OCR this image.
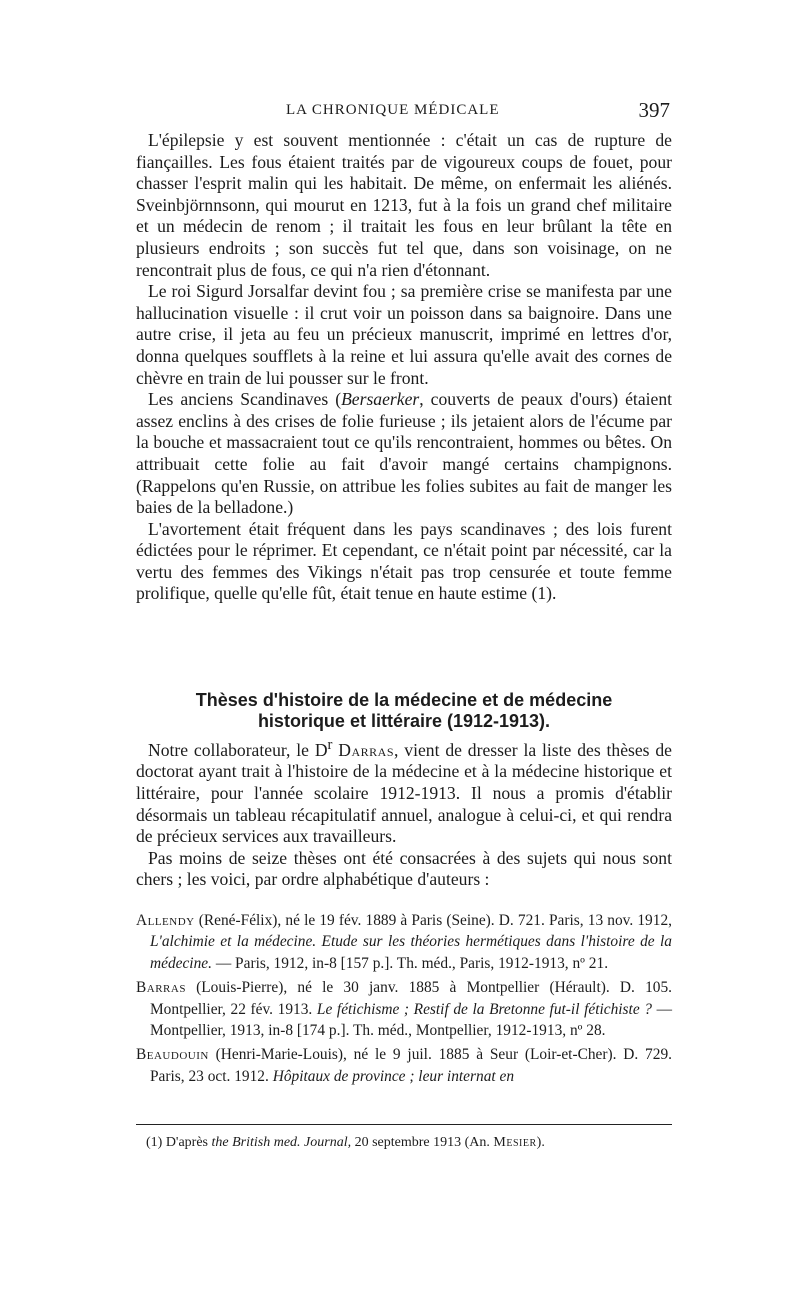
LA CHRONIQUE MÉDICALE	397

L'épilepsie y est souvent mentionnée : c'était un cas de rupture de fiançailles. Les fous étaient traités par de vigoureux coups de fouet, pour chasser l'esprit malin qui les habitait. De même, on enfermait les aliénés. Sveinbjörnnsonn, qui mourut en 1213, fut à la fois un grand chef militaire et un médecin de renom ; il traitait les fous en leur brûlant la tête en plusieurs endroits ; son succès fut tel que, dans son voisinage, on ne rencontrait plus de fous, ce qui n'a rien d'étonnant.

Le roi Sigurd Jorsalfar devint fou ; sa première crise se manifesta par une hallucination visuelle : il crut voir un poisson dans sa baignoire. Dans une autre crise, il jeta au feu un précieux manuscrit, imprimé en lettres d'or, donna quelques soufflets à la reine et lui assura qu'elle avait des cornes de chèvre en train de lui pousser sur le front.

Les anciens Scandinaves (Bersaerker, couverts de peaux d'ours) étaient assez enclins à des crises de folie furieuse ; ils jetaient alors de l'écume par la bouche et massacraient tout ce qu'ils rencontraient, hommes ou bêtes. On attribuait cette folie au fait d'avoir mangé certains champignons. (Rappelons qu'en Russie, on attribue les folies subites au fait de manger les baies de la belladone.)

L'avortement était fréquent dans les pays scandinaves ; des lois furent édictées pour le réprimer. Et cependant, ce n'était point par nécessité, car la vertu des femmes des Vikings n'était pas trop censurée et toute femme prolifique, quelle qu'elle fût, était tenue en haute estime (1).

Thèses d'histoire de la médecine et de médecine
historique et littéraire (1912-1913).

Notre collaborateur, le $D^r$ Darras, vient de dresser la liste des thèses de doctorat ayant trait à l'histoire de la médecine et à la médecine historique et littéraire, pour l'année scolaire 1912-1913. Il nous a promis d'établir désormais un tableau récapitulatif annuel, analogue à celui-ci, et qui rendra de précieux services aux travailleurs.

Pas moins de seize thèses ont été consacrées à des sujets qui nous sont chers ; les voici, par ordre alphabétique d'auteurs :

Allendy (René-Félix), né le 19 fév. 1889 à Paris (Seine). D. 721. Paris, 13 nov. 1912, L'alchimie et la médecine. Etude sur les théories hermétiques dans l'histoire de la médecine. — Paris, 1912, in-8 [157 p.]. Th. méd., Paris, 1912-1913, nº 21.

Barras (Louis-Pierre), né le 30 janv. 1885 à Montpellier (Hérault). D. 105. Montpellier, 22 fév. 1913. Le fétichisme ; Restif de la Bretonne fut-il fétichiste ? — Montpellier, 1913, in-8 [174 p.]. Th. méd., Montpellier, 1912-1913, nº 28.

Beaudouin (Henri-Marie-Louis), né le 9 juil. 1885 à Seur (Loir-et-Cher). D. 729. Paris, 23 oct. 1912. Hôpitaux de province ; leur internat en

(1) D'après the British med. Journal, 20 septembre 1913 (An. Mesier).
